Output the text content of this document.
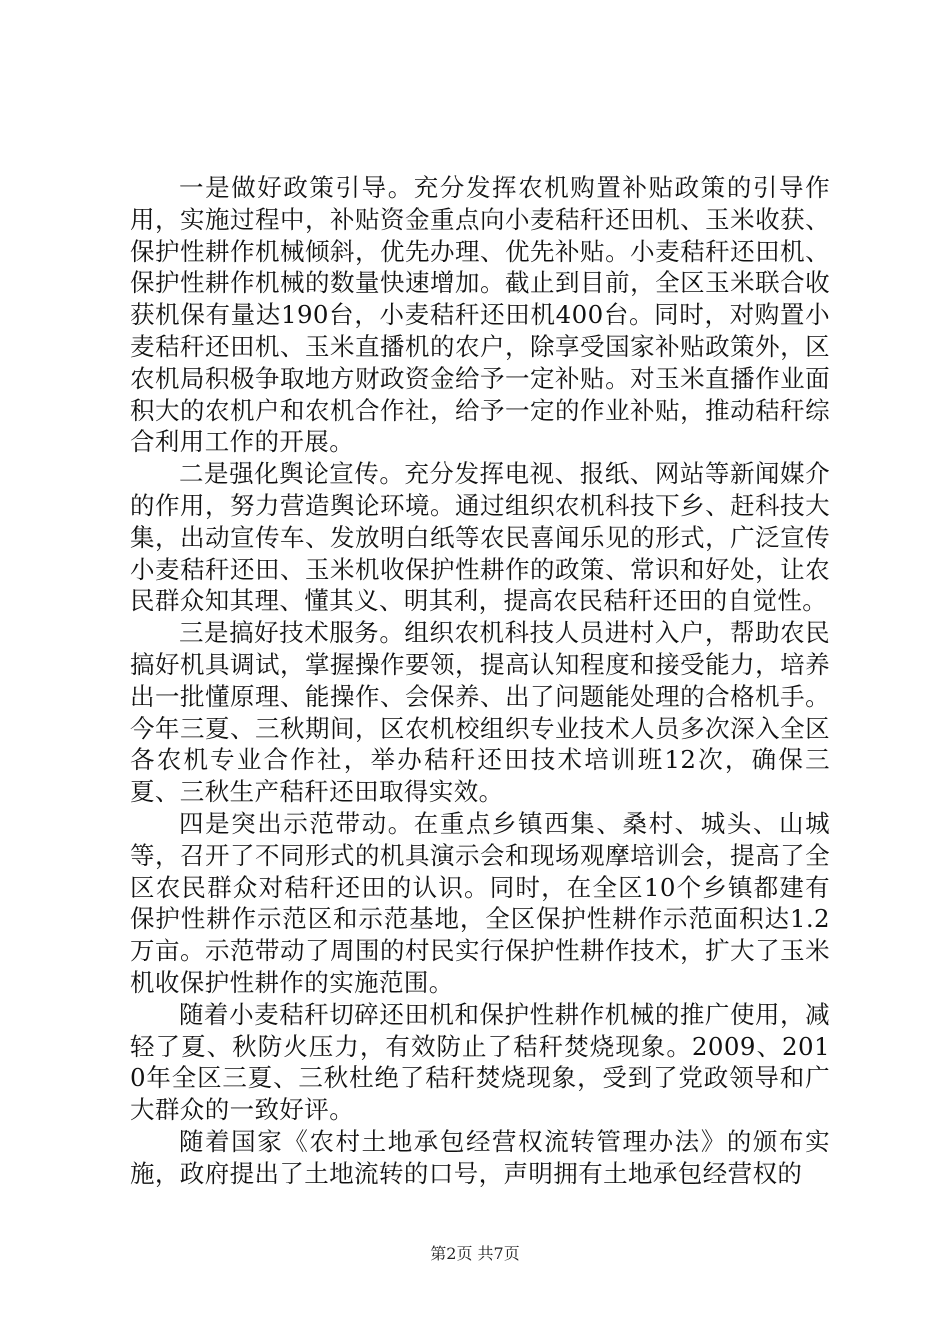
一是做好政策引导。充分发挥农机购置补贴政策的引导作用，实施过程中，补贴资金重点向小麦秸秆还田机、玉米收获、保护性耕作机械倾斜，优先办理、优先补贴。小麦秸秆还田机、保护性耕作机械的数量快速增加。截止到目前，全区玉米联合收获机保有量达190台，小麦秸秆还田机400台。同时，对购置小麦秸秆还田机、玉米直播机的农户，除享受国家补贴政策外，区农机局积极争取地方财政资金给予一定补贴。对玉米直播作业面积大的农机户和农机合作社，给予一定的作业补贴，推动秸秆综合利用工作的开展。

二是强化舆论宣传。充分发挥电视、报纸、网站等新闻媒介的作用，努力营造舆论环境。通过组织农机科技下乡、赶科技大集，出动宣传车、发放明白纸等农民喜闻乐见的形式，广泛宣传小麦秸秆还田、玉米机收保护性耕作的政策、常识和好处，让农民群众知其理、懂其义、明其利，提高农民秸秆还田的自觉性。

三是搞好技术服务。组织农机科技人员进村入户，帮助农民搞好机具调试，掌握操作要领，提高认知程度和接受能力，培养出一批懂原理、能操作、会保养、出了问题能处理的合格机手。今年三夏、三秋期间，区农机校组织专业技术人员多次深入全区各农机专业合作社，举办秸秆还田技术培训班12次，确保三夏、三秋生产秸秆还田取得实效。

四是突出示范带动。在重点乡镇西集、桑村、城头、山城等，召开了不同形式的机具演示会和现场观摩培训会，提高了全区农民群众对秸秆还田的认识。同时，在全区10个乡镇都建有保护性耕作示范区和示范基地，全区保护性耕作示范面积达1.2万亩。示范带动了周围的村民实行保护性耕作技术，扩大了玉米机收保护性耕作的实施范围。

随着小麦秸秆切碎还田机和保护性耕作机械的推广使用，减轻了夏、秋防火压力，有效防止了秸秆焚烧现象。2009、2010年全区三夏、三秋杜绝了秸秆焚烧现象，受到了党政领导和广大群众的一致好评。

随着国家《农村土地承包经营权流转管理办法》的颁布实施，政府提出了土地流转的口号，声明拥有土地承包经营权的

第2页 共7页
